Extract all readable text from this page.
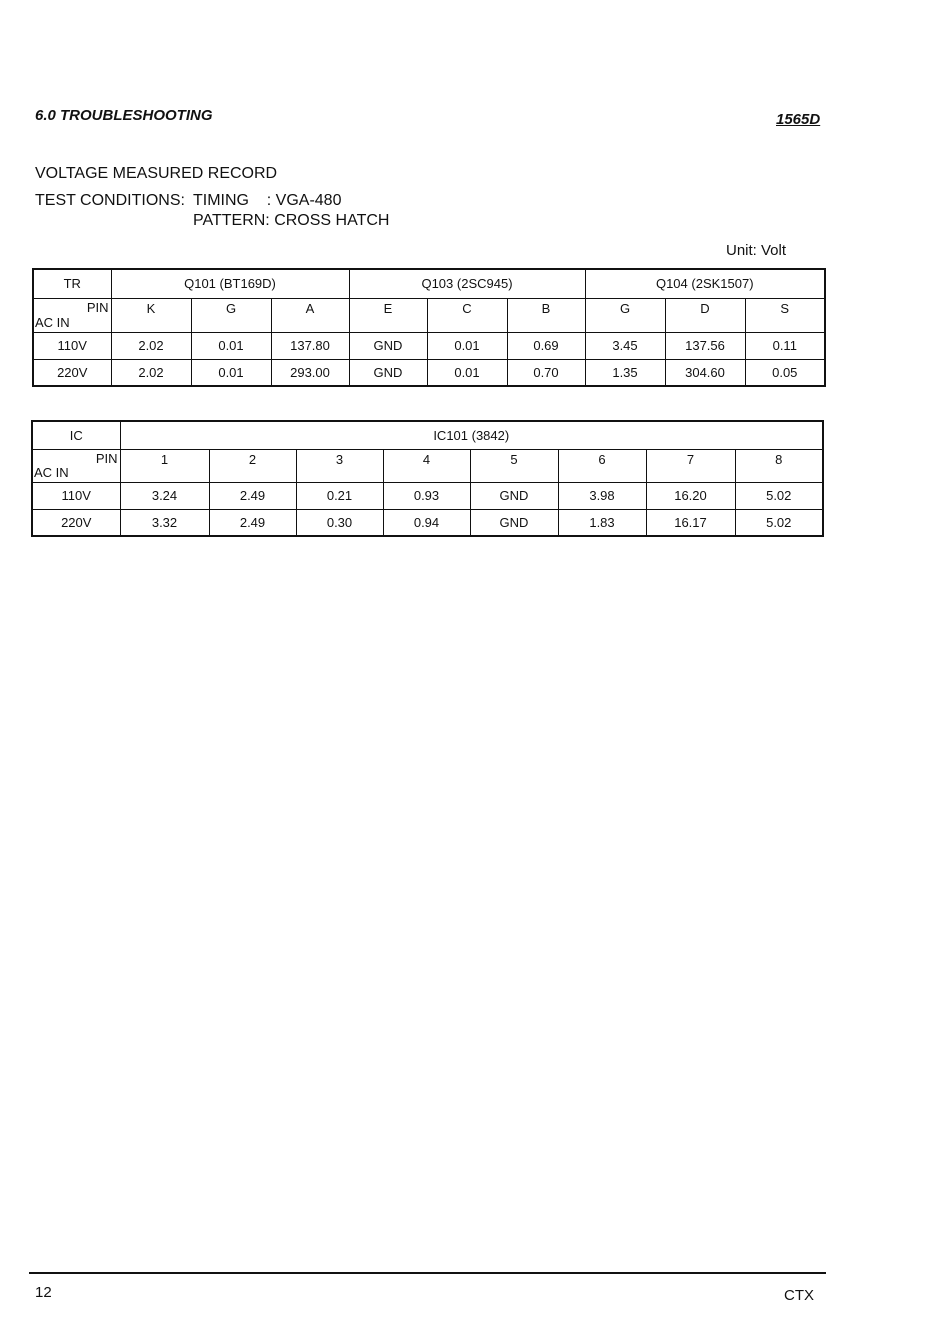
6.0 TROUBLESHOOTING	1565D
VOLTAGE MEASURED RECORD
TEST CONDITIONS: TIMING    : VGA-480
PATTERN: CROSS HATCH
Unit: Volt
TR	Q101 (BT169D)			Q103 (2SC945)			Q104 (2SK1507)		

PIN
AC IN	K	G	A	E	C	B	G	D	S
110V	2.02	0.01	137.80	GND	0.01	0.69	3.45	137.56	0.11
220V	2.02	0.01	293.00	GND	0.01	0.70	1.35	304.60	0.05
IC	IC101 (3842)							

PIN
AC IN	1	2	3	4	5	6	7	8
110V	3.24	2.49	0.21	0.93	GND	3.98	16.20	5.02
220V	3.32	2.49	0.30	0.94	GND	1.83	16.17	5.02
12	CTX
